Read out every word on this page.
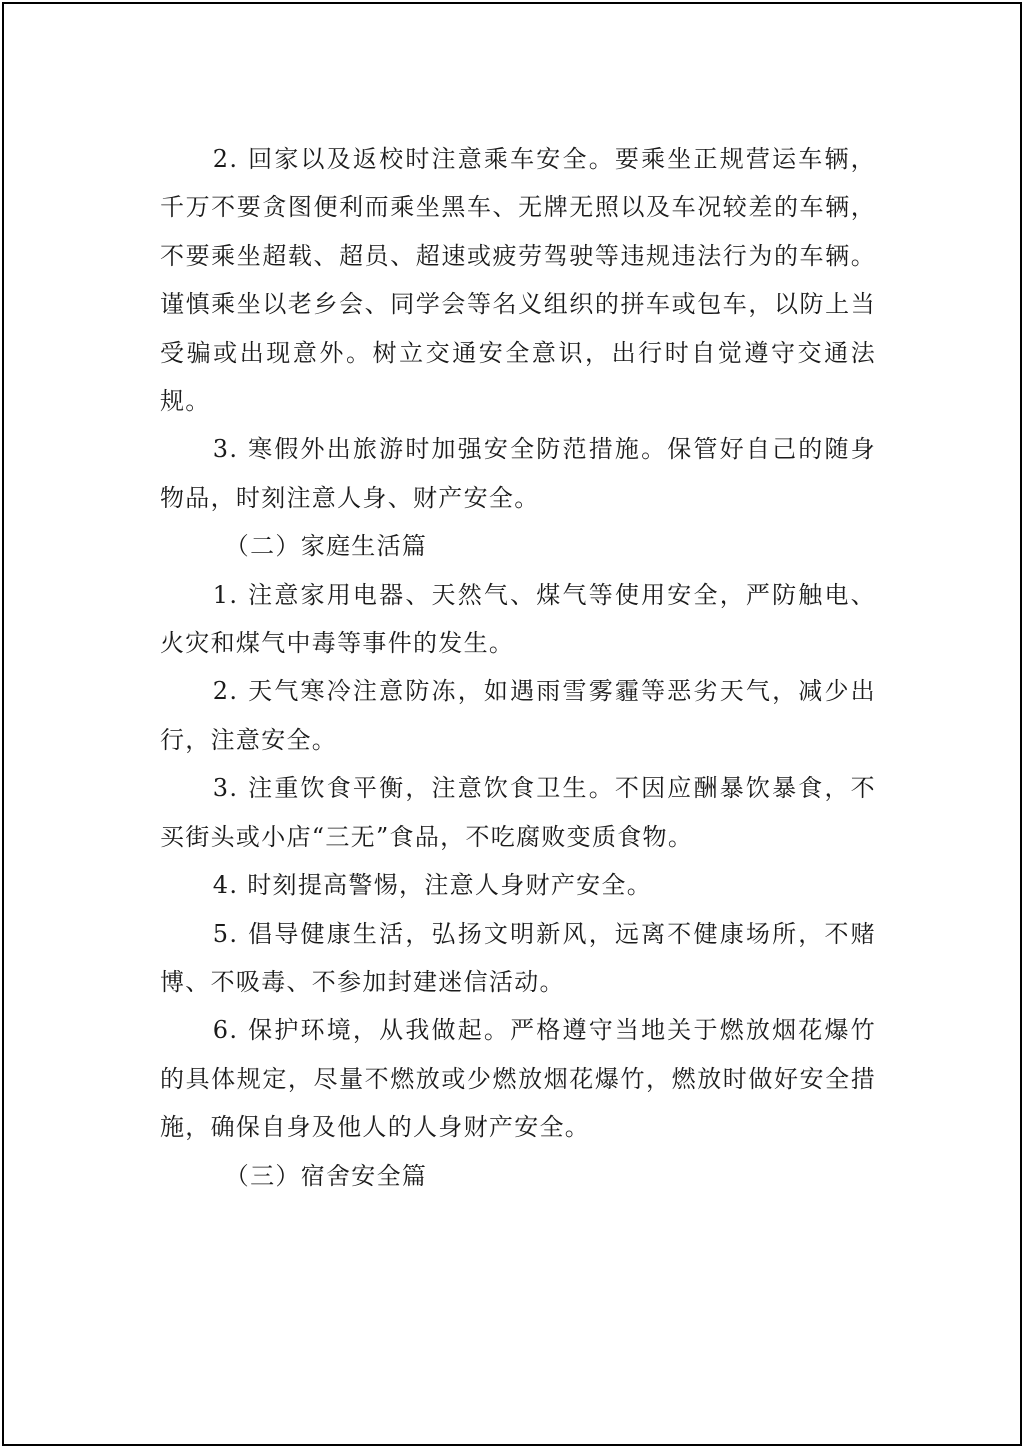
2. 回家以及返校时注意乘车安全。要乘坐正规营运车辆，千万不要贪图便利而乘坐黑车、无牌无照以及车况较差的车辆，不要乘坐超载、超员、超速或疲劳驾驶等违规违法行为的车辆。谨慎乘坐以老乡会、同学会等名义组织的拼车或包车，以防上当受骗或出现意外。树立交通安全意识，出行时自觉遵守交通法规。

3. 寒假外出旅游时加强安全防范措施。保管好自己的随身物品，时刻注意人身、财产安全。

（二）家庭生活篇

1. 注意家用电器、天然气、煤气等使用安全，严防触电、火灾和煤气中毒等事件的发生。

2. 天气寒冷注意防冻，如遇雨雪雾霾等恶劣天气，减少出行，注意安全。

3. 注重饮食平衡，注意饮食卫生。不因应酬暴饮暴食，不买街头或小店“三无”食品，不吃腐败变质食物。

4. 时刻提高警惕，注意人身财产安全。

5. 倡导健康生活，弘扬文明新风，远离不健康场所，不赌博、不吸毒、不参加封建迷信活动。

6. 保护环境，从我做起。严格遵守当地关于燃放烟花爆竹的具体规定，尽量不燃放或少燃放烟花爆竹，燃放时做好安全措施，确保自身及他人的人身财产安全。

（三）宿舍安全篇
